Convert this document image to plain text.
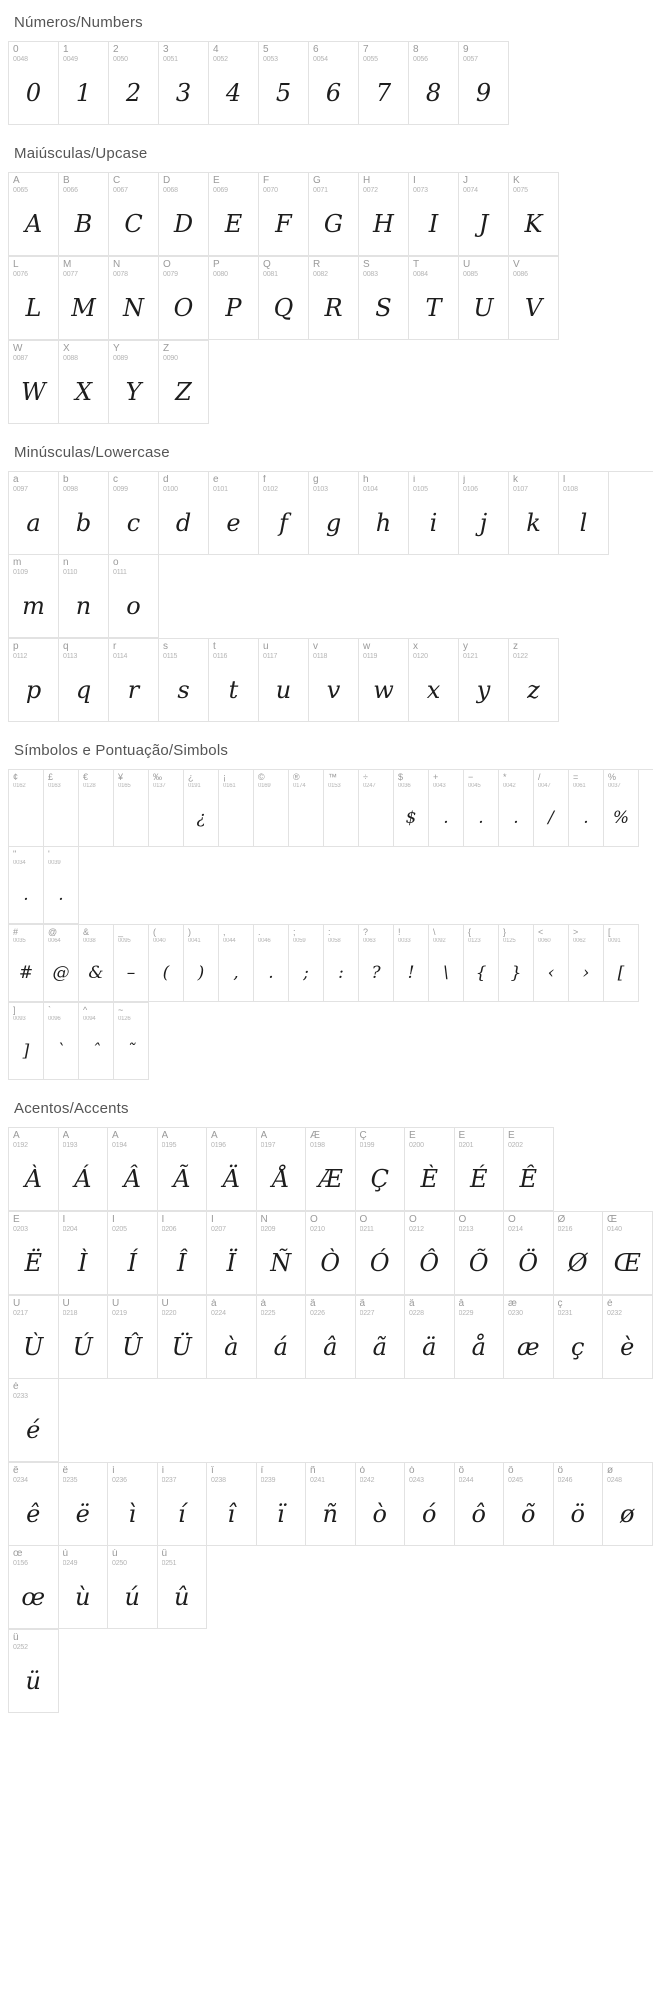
Números/Numbers
0
0048
0
1
0049
1
2
0050
2
3
0051
3
4
0052
4
5
0053
5
6
0054
6
7
0055
7
8
0056
8
9
0057
9
Maiúsculas/Upcase
A
0065
A
B
0066
B
C
0067
C
D
0068
D
E
0069
E
F
0070
F
G
0071
G
H
0072
H
I
0073
I
J
0074
J
K
0075
K
L
0076
L
M
0077
M
N
0078
N
O
0079
O
P
0080
P
Q
0081
Q
R
0082
R
S
0083
S
T
0084
T
U
0085
U
V
0086
V
W
0087
W
X
0088
X
Y
0089
Y
Z
0090
Z
Minúsculas/Lowercase
a
0097
a
b
0098
b
c
0099
c
d
0100
d
e
0101
e
f
0102
f
g
0103
g
h
0104
h
i
0105
i
j
0106
j
k
0107
k
l
0108
l
m
0109
m
n
0110
n
o
0111
o
p
0112
p
q
0113
q
r
0114
r
s
0115
s
t
0116
t
u
0117
u
v
0118
v
w
0119
w
x
0120
x
y
0121
y
z
0122
z
Símbolos e Pontuação/Simbols
¢
0162
£
0163
€
0128
¥
0165
‰
0137
¿
0191
¿
¡
0161
©
0169
®
0174
™
0153
÷
0247
$
0036
$
+
0043
.
−
0045
.
*
0042
.
/
0047
/
=
0061
.
%
0037
%
"
0034
.
'
0039
.
#
0035
#
@
0064
@
&
0038
&
_
0095
–
(
0040
(
)
0041
)
,
0044
,
.
0046
.
;
0059
;
:
0058
:
?
0063
?
!
0033
!
\
0092
\
{
0123
{
}
0125
}
<
0060
‹
>
0062
›
[
0091
[
]
0093
]
`
0096
ˋ
^
0094
ˆ
~
0126
˜
Acentos/Accents
Â
0192
À
Á
0193
Á
Ä
0194
Â
Ã
0195
Ã
Ä
0196
Ä
Å
0197
Å
Æ
0198
Æ
Ç
0199
Ç
È
0200
È
É
0201
É
Ê
0202
Ê
Ë
0203
Ë
Ì
0204
Ì
Í
0205
Í
Î
0206
Î
Ï
0207
Ï
Ñ
0209
Ñ
Ò
0210
Ò
Ó
0211
Ó
Ô
0212
Ô
Õ
0213
Õ
Ö
0214
Ö
Ø
0216
Ø
Œ
0140
Œ
Ù
0217
Ù
Ú
0218
Ú
Û
0219
Û
Ü
0220
Ü
à
0224
à
á
0225
á
â
0226
â
ã
0227
ã
ä
0228
ä
å
0229
å
æ
0230
æ
ç
0231
ç
è
0232
è
é
0233
é
ê
0234
ê
ë
0235
ë
ì
0236
ì
í
0237
í
î
0238
î
ï
0239
ï
ñ
0241
ñ
ò
0242
ò
ó
0243
ó
ô
0244
ô
õ
0245
õ
ö
0246
ö
ø
0248
ø
œ
0156
œ
ù
0249
ù
ú
0250
ú
û
0251
û
ü
0252
ü
